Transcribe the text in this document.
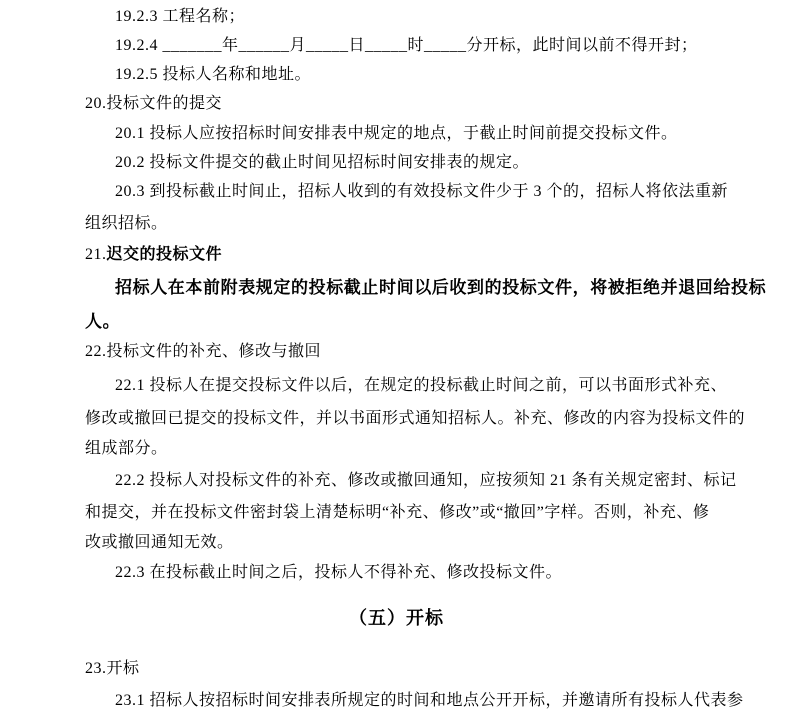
19.2.3 工程名称；
19.2.4 _______年______月_____日_____时_____分开标，此时间以前不得开封；
19.2.5 投标人名称和地址。
20.投标文件的提交
20.1 投标人应按招标时间安排表中规定的地点，于截止时间前提交投标文件。
20.2 投标文件提交的截止时间见招标时间安排表的规定。
20.3 到投标截止时间止，招标人收到的有效投标文件少于 3 个的，招标人将依法重新
组织招标。
21.迟交的投标文件
招标人在本前附表规定的投标截止时间以后收到的投标文件，将被拒绝并退回给投标
人。
22.投标文件的补充、修改与撤回
22.1 投标人在提交投标文件以后，在规定的投标截止时间之前，可以书面形式补充、
修改或撤回已提交的投标文件，并以书面形式通知招标人。补充、修改的内容为投标文件的
组成部分。
22.2 投标人对投标文件的补充、修改或撤回通知，应按须知 21 条有关规定密封、标记
和提交，并在投标文件密封袋上清楚标明“补充、修改”或“撤回”字样。否则，补充、修
改或撤回通知无效。
22.3 在投标截止时间之后，投标人不得补充、修改投标文件。
（五）开标
23.开标
23.1 招标人按招标时间安排表所规定的时间和地点公开开标，并邀请所有投标人代表参
